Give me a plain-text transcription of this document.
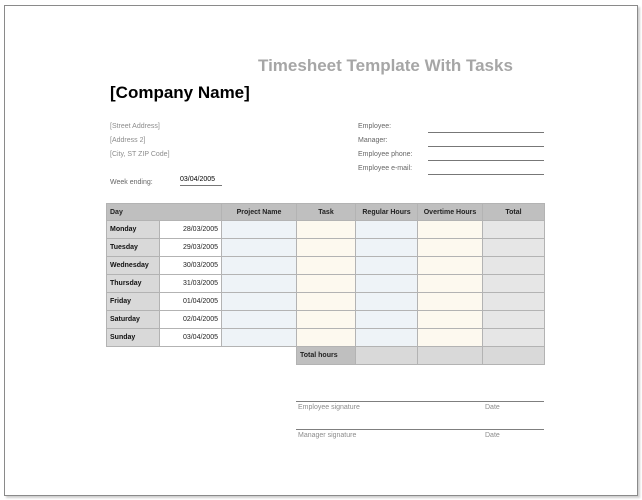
Timesheet Template With Tasks
[Company Name]
[Street Address]
[Address 2]
[City, ST ZIP Code]
Employee:
Manager:
Employee phone:
Employee e-mail:
Week ending:	03/04/2005
Day		Project Name	Task	Regular Hours	Overtime Hours	Total
Monday	28/03/2005					
Tuesday	29/03/2005					
Wednesday	30/03/2005					
Thursday	31/03/2005					
Friday	01/04/2005					
Saturday	02/04/2005					
Sunday	03/04/2005					
			Total hours			
Employee signature	Date
Manager signature	Date
